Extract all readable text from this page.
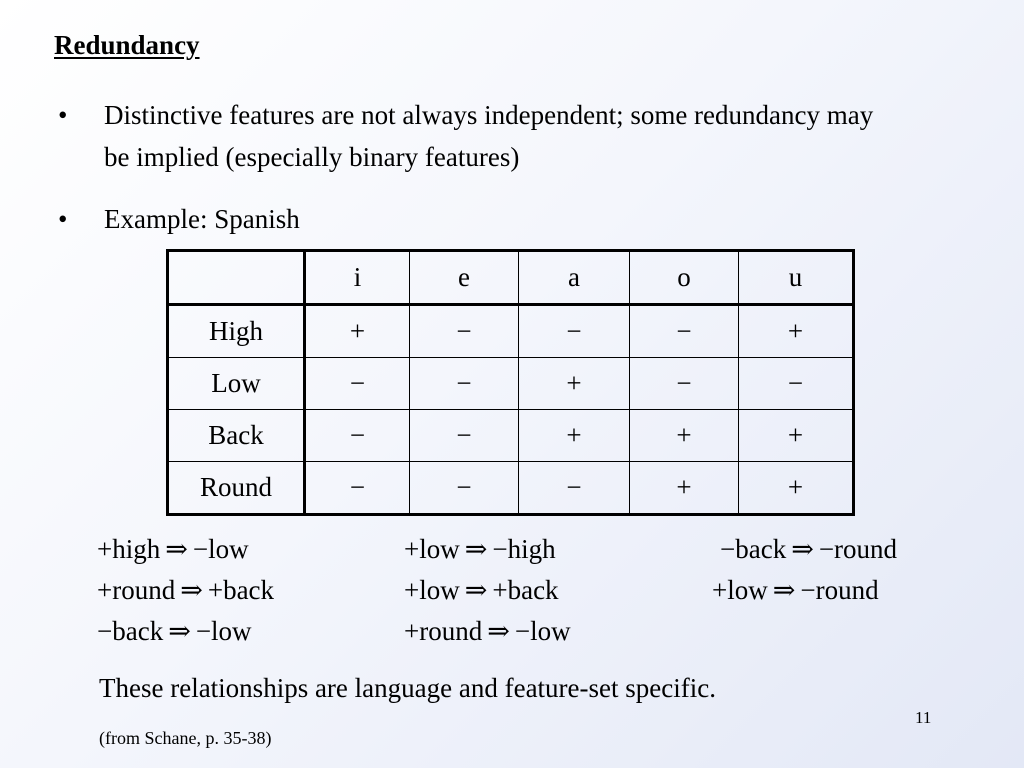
Redundancy
• Distinctive features are not always independent; some redundancy may be implied (especially binary features)
• Example: Spanish
	i	e	a	o	u
High	+	−	−	−	+
Low	−	−	+	−	−
Back	−	−	+	+	+
Round	−	−	−	+	+
+high ⇒ −low	+low ⇒ −high	−back ⇒ −round
+round ⇒ +back	+low ⇒ +back	+low ⇒ −round
−back ⇒ −low	+round ⇒ −low

These relationships are language and feature-set specific.

(from Schane, p. 35-38)

11
